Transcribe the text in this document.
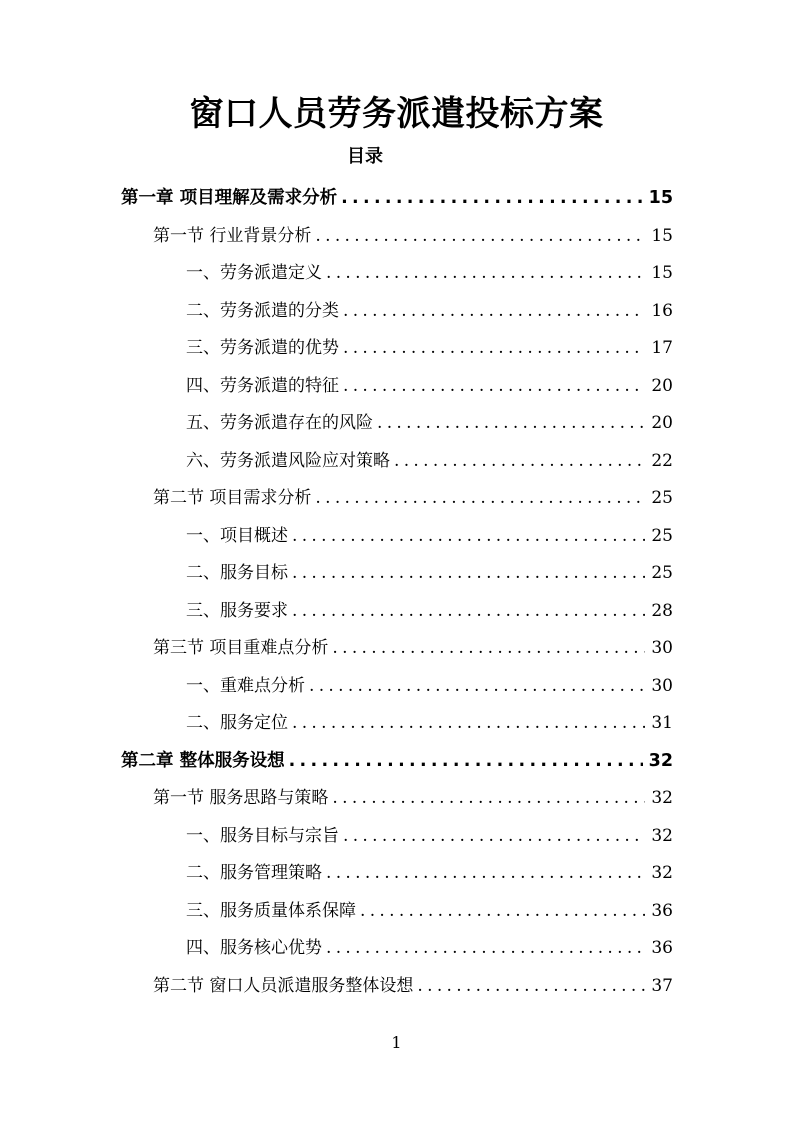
窗口人员劳务派遣投标方案
目录
第一章 项目理解及需求分析 .....	15
第一节 行业背景分析 .....	15
一、劳务派遣定义 .....	15
二、劳务派遣的分类 .....	16
三、劳务派遣的优势 .....	17
四、劳务派遣的特征 .....	20
五、劳务派遣存在的风险 .....	20
六、劳务派遣风险应对策略 .....	22
第二节 项目需求分析 .....	25
一、项目概述 .....	25
二、服务目标 .....	25
三、服务要求 .....	28
第三节 项目重难点分析 .....	30
一、重难点分析 .....	30
二、服务定位 .....	31
第二章 整体服务设想 .....	32
第一节 服务思路与策略 .....	32
一、服务目标与宗旨 .....	32
二、服务管理策略 .....	32
三、服务质量体系保障 .....	36
四、服务核心优势 .....	36
第二节 窗口人员派遣服务整体设想 .....	37
1
